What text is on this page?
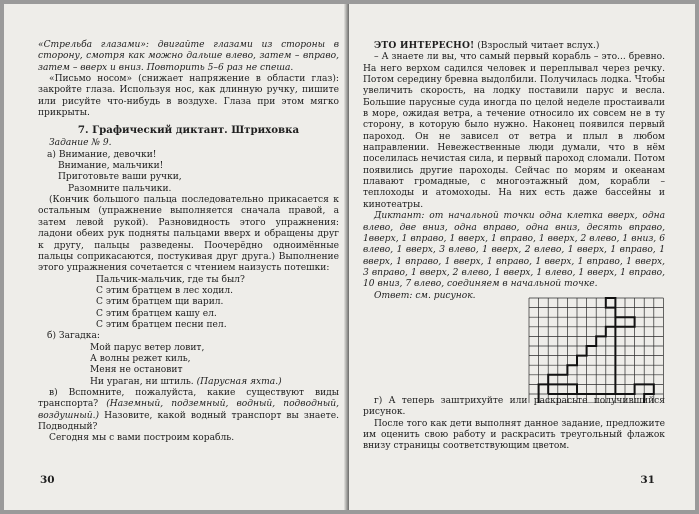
«Стрельба глазами»: двигайте глазами из стороны в сторону, смотря как можно дальше влево, затем – вправо, затем – вверх и вниз. Повторить 5–6 раз не спеша.

«Письмо носом» (снижает напряжение в области глаз): закройте глаза. Используя нос, как длинную ручку, пишите или рисуйте что-нибудь в воздухе. Глаза при этом мягко прикрыты.

7. Графический диктант. Штриховка

Задание № 9.

а) Внимание, девочки!

Внимание, мальчики!

Приготовьте ваши ручки,

Разомните пальчики.

(Кончик большого пальца последовательно прикасается к остальным (упражнение выполняется сначала правой, а затем левой рукой). Разновидность этого упражнения: ладони обеих рук подняты пальцами вверх и обращены друг к другу, пальцы разведены. Поочерёдно одноимённые пальцы соприкасаются, постукивая друг друга.) Выполнение этого упражнения сочетается с чтением наизусть потешки:

Пальчик-мальчик, где ты был?

С этим братцем в лес ходил.

С этим братцем щи варил.

С этим братцем кашу ел.

С этим братцем песни пел.

б) Загадка:

Мой парус ветер ловит,

А волны режет киль,

Меня не остановит

Ни ураган, ни штиль. (Парусная яхта.)

в) Вспомните, пожалуйста, какие существуют виды транспорта? (Наземный, подземный, водный, подводный, воздушный.) Назовите, какой водный транспорт вы знаете. Подводный?

Сегодня мы с вами построим корабль.

30

ЭТО ИНТЕРЕСНО! (Взрослый читает вслух.)

– А знаете ли вы, что самый первый корабль – это... бревно. На него верхом садился человек и переплывал через речку. Потом середину бревна выдолбили. Получилась лодка. Чтобы увеличить скорость, на лодку поставили парус и весла. Большие парусные суда иногда по целой неделе простаивали в море, ожидая ветра, а течение относило их совсем не в ту сторону, в которую было нужно. Наконец появился первый пароход. Он не зависел от ветра и плыл в любом направлении. Невежественные люди думали, что в нём поселилась нечистая сила, и первый пароход сломали. Потом появились другие пароходы. Сейчас по морям и океанам плавают громадные, с многоэтажный дом, корабли – теплоходы и атомоходы. На них есть даже бассейны и кинотеатры.

Диктант: от начальной точки одна клетка вверх, одна влево, две вниз, одна вправо, одна вниз, десять вправо, 1вверх, 1 вправо, 1 вверх, 1 вправо, 1 вверх, 2 влево, 1 вниз, 6 влево, 1 вверх, 3 влево, 1 вверх, 2 влево, 1 вверх, 1 вправо, 1 вверх, 1 вправо, 1 вверх, 1 вправо, 1 вверх, 1 вправо, 1 вверх, 3 вправо, 1 вверх, 2 влево, 1 вверх, 1 влево, 1 вверх, 1 вправо, 10 вниз, 7 влево, соединяем в начальной точке.

Ответ: см. рисунок.

г) А теперь заштрихуйте или раскрасьте получившийся рисунок.

После того как дети выполнят данное задание, предложите им оценить свою работу и раскрасить треугольный флажок внизу страницы соответствующим цветом.

31
